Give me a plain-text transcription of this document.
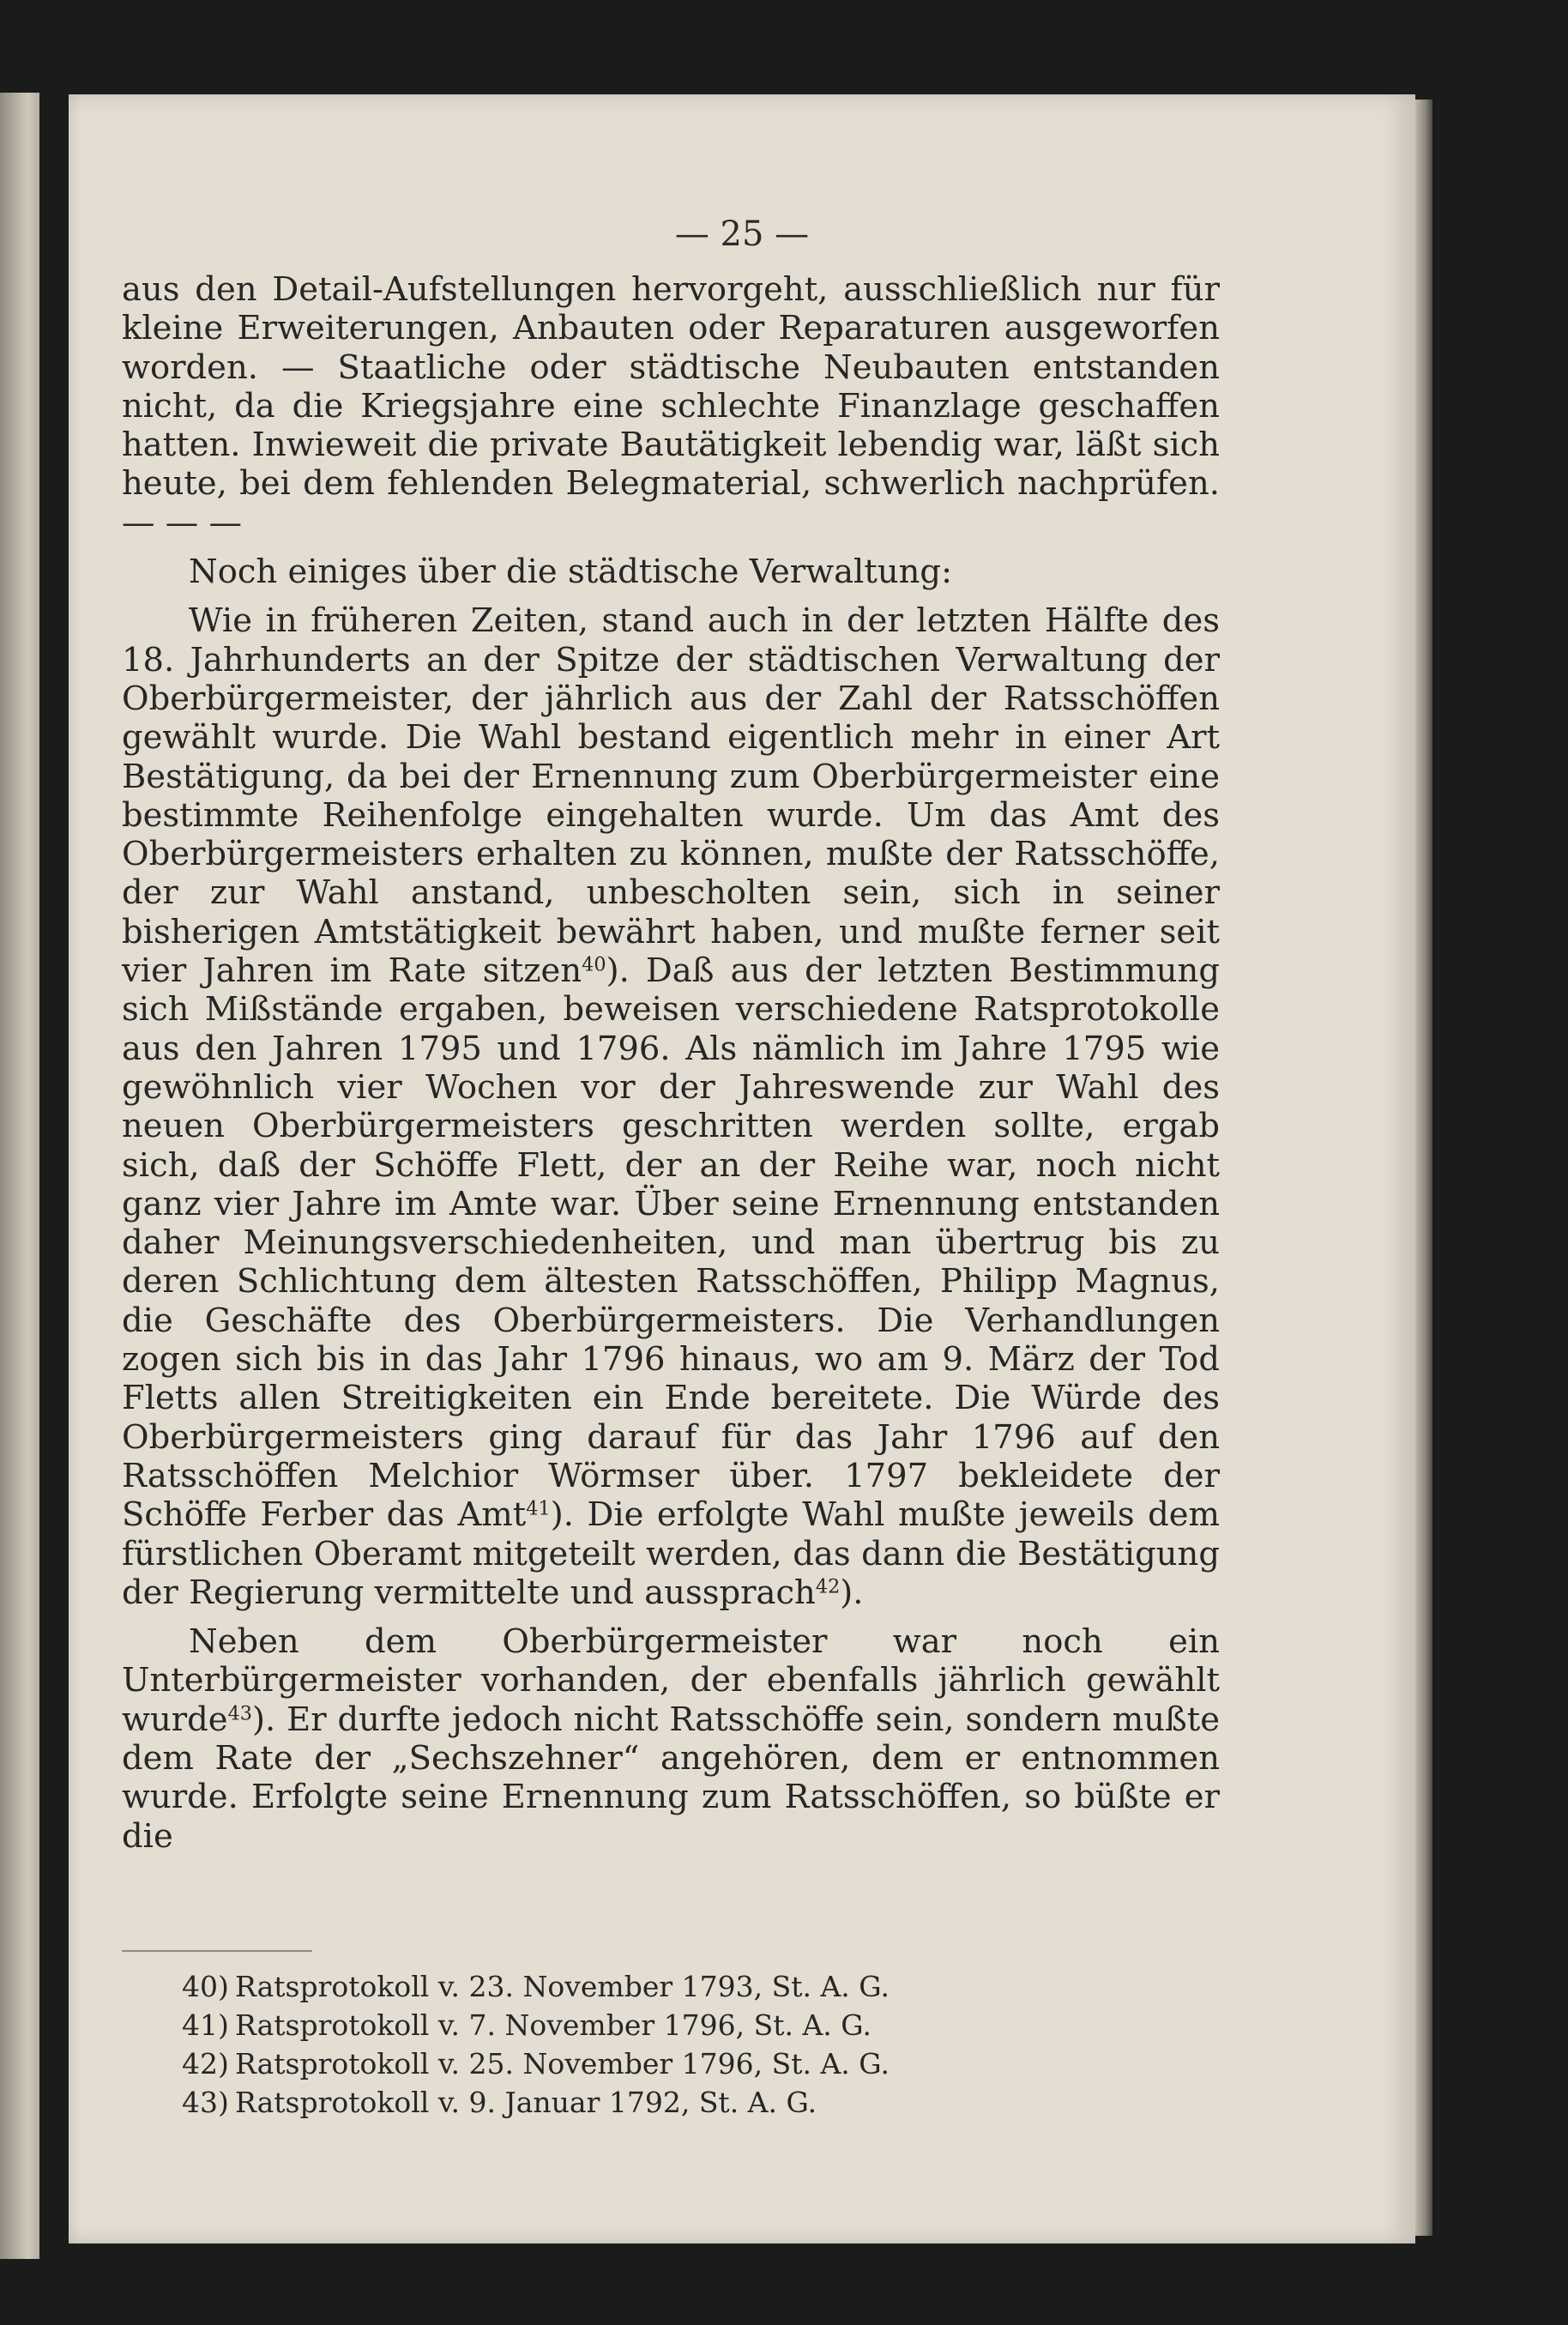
— 25 —

aus den Detail-Aufstellungen hervorgeht, ausschließlich nur für kleine Erweiterungen, Anbauten oder Reparaturen ausgeworfen worden. — Staatliche oder städtische Neubauten entstanden nicht, da die Kriegsjahre eine schlechte Finanzlage geschaffen hatten. Inwieweit die private Bautätigkeit lebendig war, läßt sich heute, bei dem fehlenden Belegmaterial, schwerlich nachprüfen. — — —

Noch einiges über die städtische Verwaltung:

Wie in früheren Zeiten, stand auch in der letzten Hälfte des 18. Jahrhunderts an der Spitze der städtischen Verwaltung der Oberbürgermeister, der jährlich aus der Zahl der Ratsschöffen gewählt wurde. Die Wahl bestand eigentlich mehr in einer Art Bestätigung, da bei der Ernennung zum Oberbürgermeister eine bestimmte Reihenfolge eingehalten wurde. Um das Amt des Oberbürgermeisters erhalten zu können, mußte der Ratsschöffe, der zur Wahl anstand, unbescholten sein, sich in seiner bisherigen Amtstätigkeit bewährt haben, und mußte ferner seit vier Jahren im Rate sitzen$^{40}$). Daß aus der letzten Bestimmung sich Mißstände ergaben, beweisen verschiedene Ratsprotokolle aus den Jahren 1795 und 1796. Als nämlich im Jahre 1795 wie gewöhnlich vier Wochen vor der Jahreswende zur Wahl des neuen Oberbürgermeisters geschritten werden sollte, ergab sich, daß der Schöffe Flett, der an der Reihe war, noch nicht ganz vier Jahre im Amte war. Über seine Ernennung entstanden daher Meinungsverschiedenheiten, und man übertrug bis zu deren Schlichtung dem ältesten Ratsschöffen, Philipp Magnus, die Geschäfte des Oberbürgermeisters. Die Verhandlungen zogen sich bis in das Jahr 1796 hinaus, wo am 9. März der Tod Fletts allen Streitigkeiten ein Ende bereitete. Die Würde des Oberbürgermeisters ging darauf für das Jahr 1796 auf den Ratsschöffen Melchior Wörmser über. 1797 bekleidete der Schöffe Ferber das Amt$^{41}$). Die erfolgte Wahl mußte jeweils dem fürstlichen Oberamt mitgeteilt werden, das dann die Bestätigung der Regierung vermittelte und aussprach$^{42}$).

Neben dem Oberbürgermeister war noch ein Unterbürgermeister vorhanden, der ebenfalls jährlich gewählt wurde$^{43}$). Er durfte jedoch nicht Ratsschöffe sein, sondern mußte dem Rate der „Sechszehner“ angehören, dem er entnommen wurde. Erfolgte seine Ernennung zum Ratsschöffen, so büßte er die

40) Ratsprotokoll v. 23. November 1793, St. A. G.
41) Ratsprotokoll v. 7. November 1796, St. A. G.
42) Ratsprotokoll v. 25. November 1796, St. A. G.
43) Ratsprotokoll v. 9. Januar 1792, St. A. G.
